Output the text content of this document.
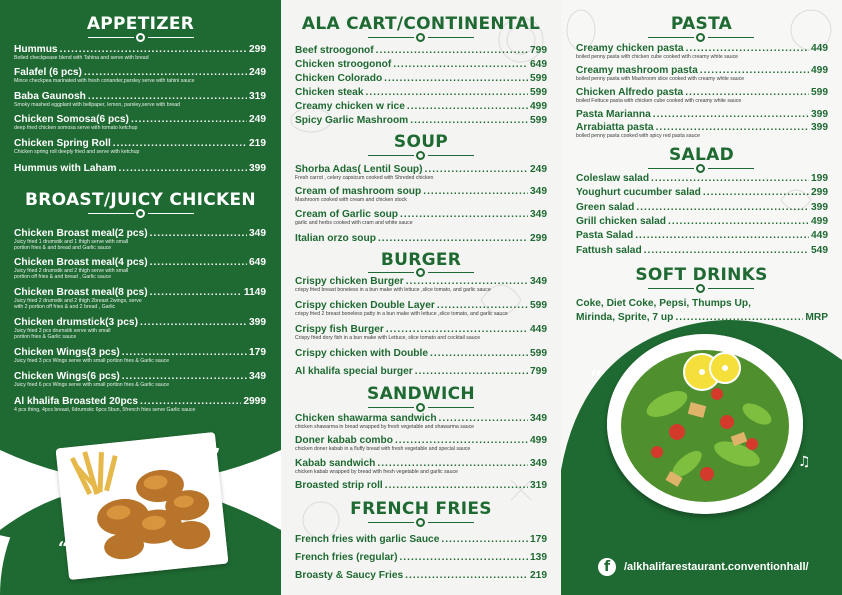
APPETIZER
Hummus .....	299
Boiled checkpease blend with Tahina and serve with bread
Falafel (6 pcs) .....	249
Mince checkpea marinated with fresh coriander,parsley serve with tahini sauce
Baba Gaunosh .....	319
Smoky mashed eggplant with bellpaper, lemon, parsley,serve with bread
Chicken Somosa(6 pcs) .....	249
deep fried chicken somosa serve with tomato ketchup
Chicken Spring Roll .....	219
Chicken spring roll deeply fried and serve with ketchup
Hummus with Laham .....	399
BROAST/JUICY CHICKEN
Chicken Broast meal(2 pcs) .....	349
Juicy fried 1 drumstik and 1 thigh serve with small portion fries & and bread and Garlic sauce
Chicken Broast meal(4 pcs) .....	649
Juicy fried 2 drumstik and 2 thigh serve with small portion off fries & and bread , Garlic sauce
Chicken Broast meal(8 pcs) .....	1149
Juicy fried 2 drumstik and 2 thigh 2breast 2wings, serve with 2 portion off fries & and 2 bread , Garlic
Chicken drumstick(3 pcs) .....	399
Juicy fried 3 pcs drumstik serve with small portion fries & Garlic sauce
Chicken Wings(3 pcs) .....	179
Juicy fried 3 pcs Wings serve with small portion fries & Garlic sauce
Chicken Wings(6 pcs) .....	349
Juicy fried 6 pcs Wings serve with small portion fries & Garlic sauce
Al khalifa Broasted 20pcs .....	2999
4 pcs thing, 4pcs breast, 6drumstic 6pcs 5bun, 5french fries serve Garlic sauce
”
“
ALA CART/CONTINENTAL
Beef stroogonof .....	799
Chicken stroogonof .....	649
Chicken Colorado .....	599
Chicken steak .....	599
Creamy chicken w rice .....	499
Spicy Garlic Mashroom .....	599
SOUP
Shorba Adas( Lentil Soup) .....	249
Fresh carrot , celery capsicum cooked with Shreded chicken
Cream of mashroom soup .....	349
Mashroom cooked with cream and chicken stock
Cream of Garlic soup .....	349
garlic and herbs cooked with cram and white sauce
Italian orzo soup .....	299
BURGER
Crispy chicken Burger .....	349
crispy fried breast boneless in a bun make with lettuce ,slice tomato, and garlic sauce
Crispy chicken Double Layer .....	599
crispy fried 2 breast boneless patty in a bun make with lettuce ,slice tomato, and garlic sauce
Crispy fish Burger .....	449
Crispy fried dory fish in a bun make with Lettuce, slice tomato and cocktail sauce
Crispy chicken with Double .....	599
Al khalifa special burger .....	799
SANDWICH
Chicken shawarma sandwich .....	349
chicken shawarma in bread wrapped by fresh vegetable and shawarma sauce
Doner kabab combo .....	499
chicken doner kabab in a fluffy bread with fresh vegetable and special sauce
Kabab sandwich .....	349
chicken kabab wrapped by bread with fresh vegetable and garlic sauce
Broasted strip roll .....	319
FRENCH FRIES
French fries with garlic Sauce .....	179
French fries (regular) .....	139
Broasty & Saucy Fries .....	219
PASTA
Creamy chicken pasta .....	449
boiled penny pasta with chicken cube cooked with creamy white sauce
Creamy mashroom pasta .....	499
boiled penny pasta with Mashroom slice cooked with creamy white sauce
Chicken Alfredo pasta .....	599
boiled Fettuce pasta with chicken cube cooked with creamy white sauce
Pasta Marianna .....	399
Arrabiatta pasta .....	399
boiled penny pasta cooked with spicy red pasta sauce
SALAD
Coleslaw salad .....	199
Youghurt cucumber salad .....	299
Green salad .....	399
Grill chicken salad .....	499
Pasta Salad .....	449
Fattush salad .....	549
SOFT DRINKS
Coke, Diet Coke, Pepsi, Thumps Up,
Mirinda, Sprite, 7 up .....	MRP
“
♫
f	/alkhalifarestaurant.conventionhall/
